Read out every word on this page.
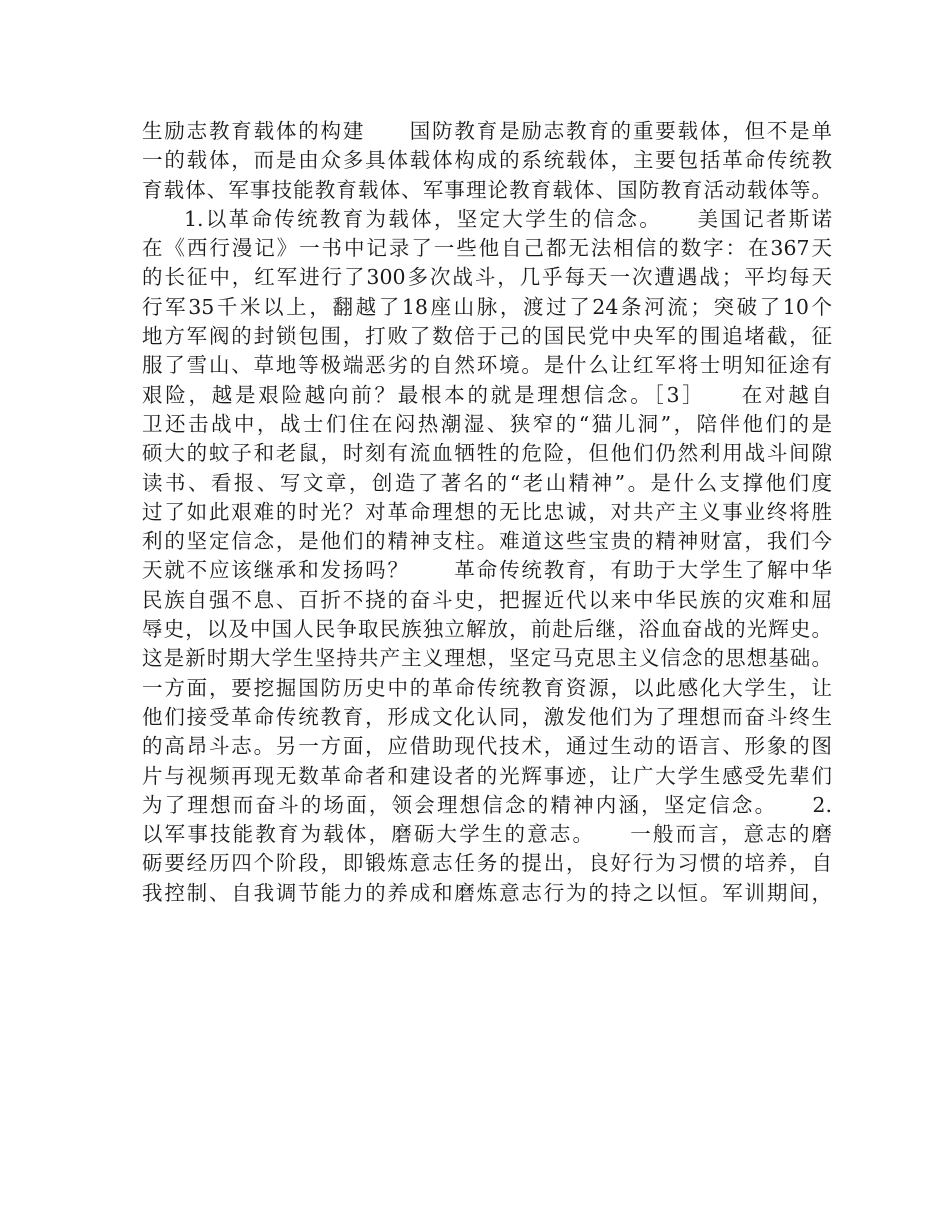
生励志教育载体的构建　　国防教育是励志教育的重要载体，但不是单
一的载体，而是由众多具体载体构成的系统载体，主要包括革命传统教
育载体、军事技能教育载体、军事理论教育载体、国防教育活动载体等。
1.以革命传统教育为载体，坚定大学生的信念。　　美国记者斯诺
在《西行漫记》一书中记录了一些他自己都无法相信的数字：在367天
的长征中，红军进行了300多次战斗，几乎每天一次遭遇战；平均每天
行军35千米以上，翻越了18座山脉，渡过了24条河流；突破了10个
地方军阀的封锁包围，打败了数倍于己的国民党中央军的围追堵截，征
服了雪山、草地等极端恶劣的自然环境。是什么让红军将士明知征途有
艰险，越是艰险越向前？最根本的就是理想信念。［3］　　在对越自
卫还击战中，战士们住在闷热潮湿、狭窄的“猫儿洞”，陪伴他们的是
硕大的蚊子和老鼠，时刻有流血牺牲的危险，但他们仍然利用战斗间隙
读书、看报、写文章，创造了著名的“老山精神”。是什么支撑他们度
过了如此艰难的时光？对革命理想的无比忠诚，对共产主义事业终将胜
利的坚定信念，是他们的精神支柱。难道这些宝贵的精神财富，我们今
天就不应该继承和发扬吗？　　革命传统教育，有助于大学生了解中华
民族自强不息、百折不挠的奋斗史，把握近代以来中华民族的灾难和屈
辱史，以及中国人民争取民族独立解放，前赴后继，浴血奋战的光辉史。
这是新时期大学生坚持共产主义理想，坚定马克思主义信念的思想基础。
一方面，要挖掘国防历史中的革命传统教育资源，以此感化大学生，让
他们接受革命传统教育，形成文化认同，激发他们为了理想而奋斗终生
的高昂斗志。另一方面，应借助现代技术，通过生动的语言、形象的图
片与视频再现无数革命者和建设者的光辉事迹，让广大学生感受先辈们
为了理想而奋斗的场面，领会理想信念的精神内涵，坚定信念。　　2.
以军事技能教育为载体，磨砺大学生的意志。　　一般而言，意志的磨
砺要经历四个阶段，即锻炼意志任务的提出，良好行为习惯的培养，自
我控制、自我调节能力的养成和磨炼意志行为的持之以恒。军训期间，
